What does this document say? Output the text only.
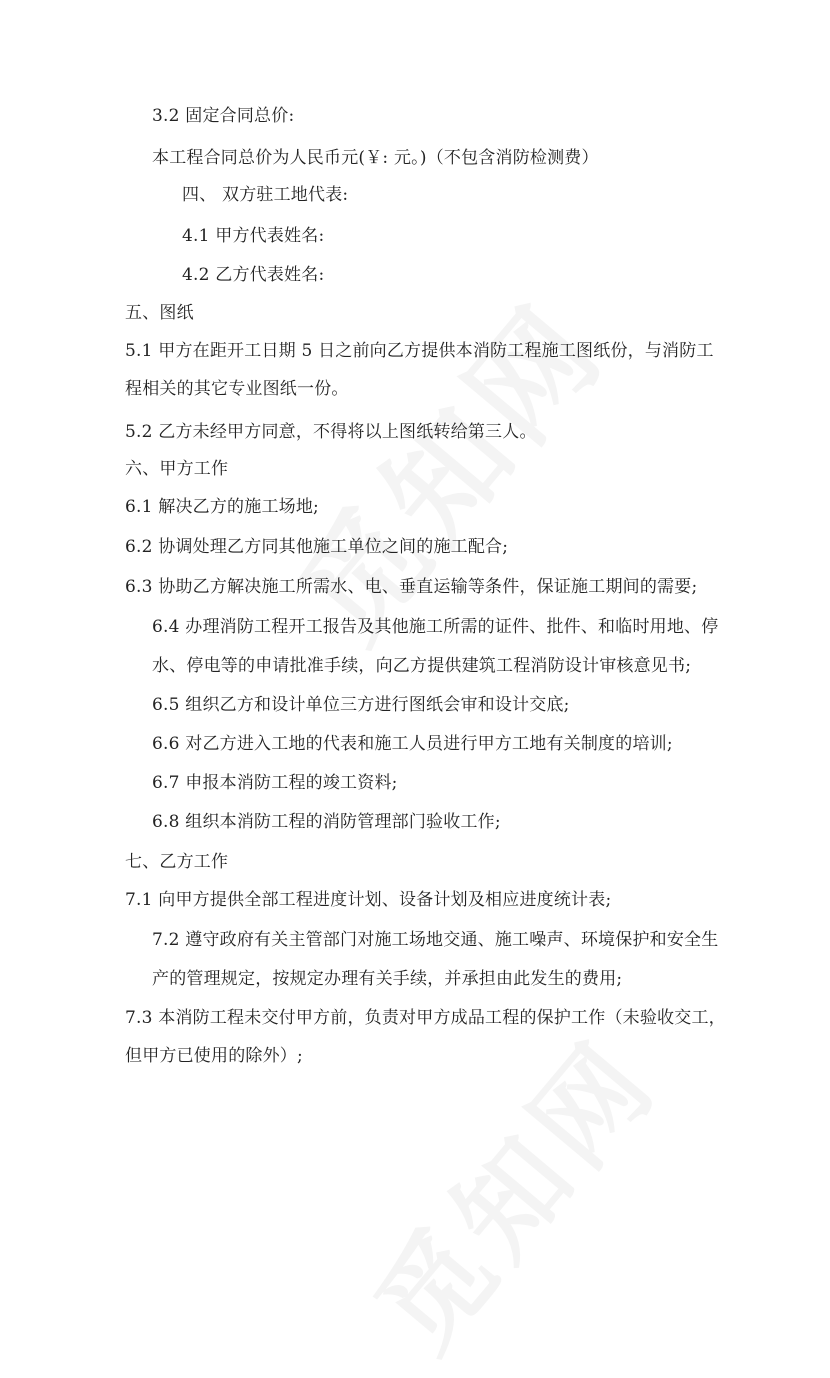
3.2 固定合同总价:
本工程合同总价为人民币元(￥: 元。)（不包含消防检测费）
四、 双方驻工地代表:
4.1 甲方代表姓名:
4.2 乙方代表姓名:
五、图纸
5.1 甲方在距开工日期 5 日之前向乙方提供本消防工程施工图纸份，与消防工
程相关的其它专业图纸一份。
5.2 乙方未经甲方同意，不得将以上图纸转给第三人。
六、甲方工作
6.1 解决乙方的施工场地;
6.2 协调处理乙方同其他施工单位之间的施工配合;
6.3 协助乙方解决施工所需水、电、垂直运输等条件，保证施工期间的需要;
6.4 办理消防工程开工报告及其他施工所需的证件、批件、和临时用地、停
水、停电等的申请批准手续，向乙方提供建筑工程消防设计审核意见书;
6.5 组织乙方和设计单位三方进行图纸会审和设计交底;
6.6 对乙方进入工地的代表和施工人员进行甲方工地有关制度的培训;
6.7 申报本消防工程的竣工资料;
6.8 组织本消防工程的消防管理部门验收工作;
七、乙方工作
7.1 向甲方提供全部工程进度计划、设备计划及相应进度统计表;
7.2 遵守政府有关主管部门对施工场地交通、施工噪声、环境保护和安全生
产的管理规定，按规定办理有关手续，并承担由此发生的费用;
7.3 本消防工程未交付甲方前，负责对甲方成品工程的保护工作（未验收交工，
但甲方已使用的除外）;
